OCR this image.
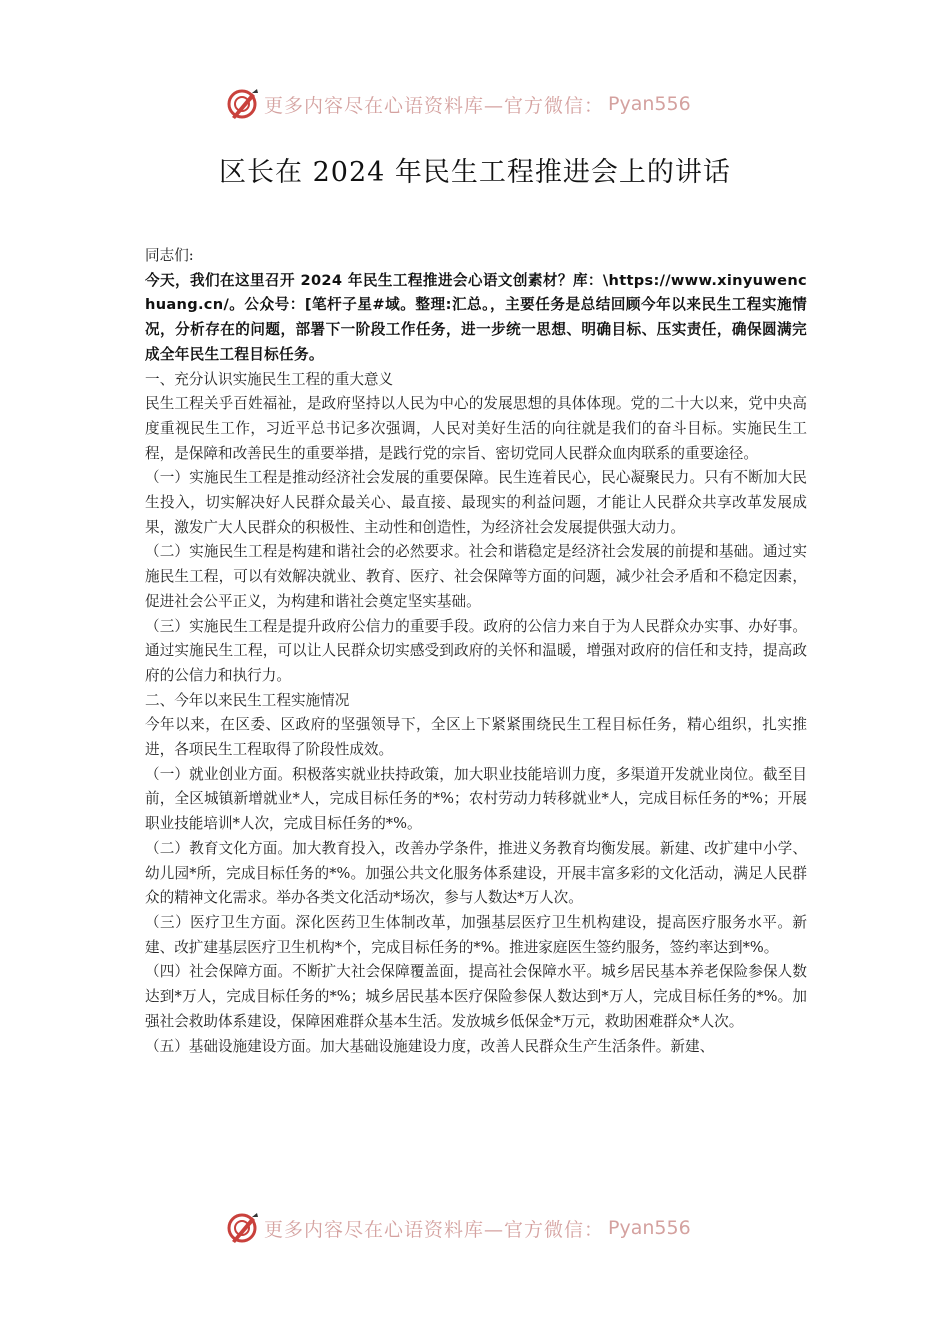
更多内容尽在心语资料库—官方微信： Pyan556
区长在 2024 年民生工程推进会上的讲话

同志们:

今天，我们在这里召开 2024 年民生工程推进会心语文创素材？库：\https://www.xinyuwenchuang.cn/。公众号：[笔杆子星#域。整理:汇总。，主要任务是总结回顾今年以来民生工程实施情况，分析存在的问题，部署下一阶段工作任务，进一步统一思想、明确目标、压实责任，确保圆满完成全年民生工程目标任务。

一、充分认识实施民生工程的重大意义

民生工程关乎百姓福祉，是政府坚持以人民为中心的发展思想的具体体现。党的二十大以来，党中央高度重视民生工作，习近平总书记多次强调，人民对美好生活的向往就是我们的奋斗目标。实施民生工程，是保障和改善民生的重要举措，是践行党的宗旨、密切党同人民群众血肉联系的重要途径。

（一）实施民生工程是推动经济社会发展的重要保障。民生连着民心，民心凝聚民力。只有不断加大民生投入，切实解决好人民群众最关心、最直接、最现实的利益问题，才能让人民群众共享改革发展成果，激发广大人民群众的积极性、主动性和创造性，为经济社会发展提供强大动力。

（二）实施民生工程是构建和谐社会的必然要求。社会和谐稳定是经济社会发展的前提和基础。通过实施民生工程，可以有效解决就业、教育、医疗、社会保障等方面的问题，减少社会矛盾和不稳定因素，促进社会公平正义，为构建和谐社会奠定坚实基础。

（三）实施民生工程是提升政府公信力的重要手段。政府的公信力来自于为人民群众办实事、办好事。通过实施民生工程，可以让人民群众切实感受到政府的关怀和温暖，增强对政府的信任和支持，提高政府的公信力和执行力。

二、今年以来民生工程实施情况

今年以来，在区委、区政府的坚强领导下，全区上下紧紧围绕民生工程目标任务，精心组织，扎实推进，各项民生工程取得了阶段性成效。

（一）就业创业方面。积极落实就业扶持政策，加大职业技能培训力度，多渠道开发就业岗位。截至目前，全区城镇新增就业*人，完成目标任务的*%；农村劳动力转移就业*人，完成目标任务的*%；开展职业技能培训*人次，完成目标任务的*%。

（二）教育文化方面。加大教育投入，改善办学条件，推进义务教育均衡发展。新建、改扩建中小学、幼儿园*所，完成目标任务的*%。加强公共文化服务体系建设，开展丰富多彩的文化活动，满足人民群众的精神文化需求。举办各类文化活动*场次，参与人数达*万人次。

（三）医疗卫生方面。深化医药卫生体制改革，加强基层医疗卫生机构建设，提高医疗服务水平。新建、改扩建基层医疗卫生机构*个，完成目标任务的*%。推进家庭医生签约服务，签约率达到*%。

（四）社会保障方面。不断扩大社会保障覆盖面，提高社会保障水平。城乡居民基本养老保险参保人数达到*万人，完成目标任务的*%；城乡居民基本医疗保险参保人数达到*万人，完成目标任务的*%。加强社会救助体系建设，保障困难群众基本生活。发放城乡低保金*万元，救助困难群众*人次。

（五）基础设施建设方面。加大基础设施建设力度，改善人民群众生产生活条件。新建、

更多内容尽在心语资料库—官方微信： Pyan556
